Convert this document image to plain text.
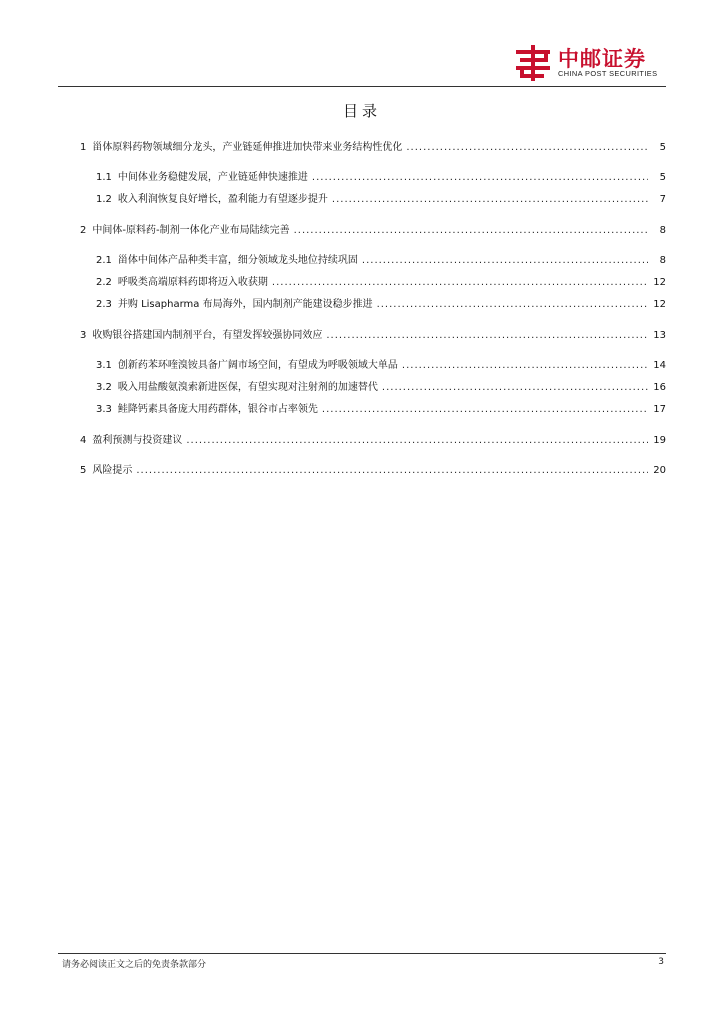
中邮证券
CHINA POST SECURITIES
目录
1 甾体原料药物领域细分龙头，产业链延伸推进加快带来业务结构性优化 .....	5
1.1 中间体业务稳健发展，产业链延伸快速推进 .....	5
1.2 收入利润恢复良好增长，盈利能力有望逐步提升 .....	7
2 中间体-原料药-制剂一体化产业布局陆续完善 .....	8
2.1 甾体中间体产品种类丰富，细分领域龙头地位持续巩固 .....	8
2.2 呼吸类高端原料药即将迈入收获期 .....	12
2.3 并购 Lisapharma 布局海外，国内制剂产能建设稳步推进 .....	12
3 收购银谷搭建国内制剂平台，有望发挥较强协同效应 .....	13
3.1 创新药苯环喹溴铵具备广阔市场空间，有望成为呼吸领域大单品 .....	14
3.2 吸入用盐酸氨溴索新进医保，有望实现对注射剂的加速替代 .....	16
3.3 鲑降钙素具备庞大用药群体，银谷市占率领先 .....	17
4 盈利预测与投资建议 .....	19
5 风险提示 .....	20
请务必阅读正文之后的免责条款部分	3
